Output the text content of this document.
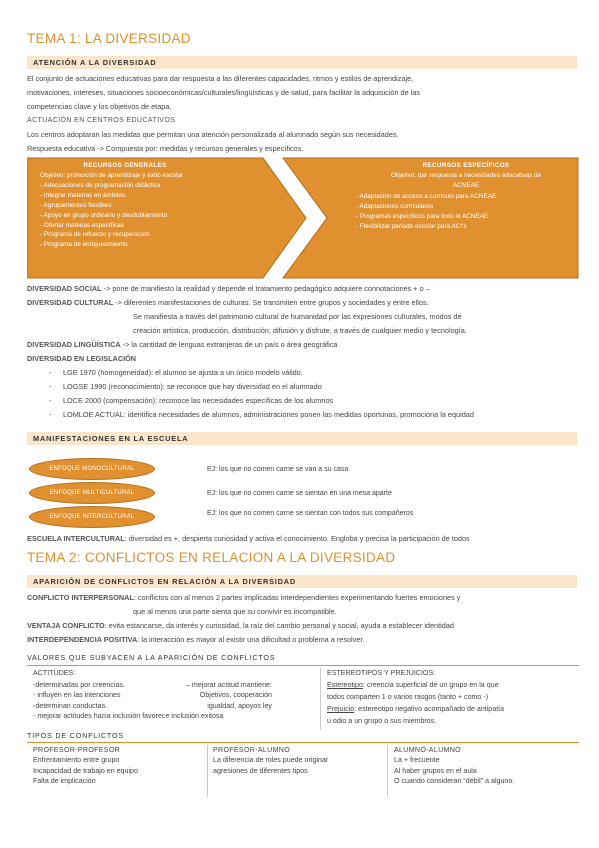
TEMA 1: LA DIVERSIDAD
ATENCIÓN A LA DIVERSIDAD
El conjunto de actuaciones educativas para dar respuesta a las diferentes capacidades, ritmos y estilos de aprendizaje,
motivaciones, intereses, situaciones socioeconómicas/culturales/lingüísticas y de salud, para facilitar la adquisición de las
competencias clave y los objetivos de etapa.
ACTUACIÓN EN CENTROS EDUCATIVOS
Los centros adoptaran las medidas que permitan una atención personalizada al alumnado según sus necesidades.
Respuesta educativa -> Compuesta por: medidas y recursos generales y específicos.
RECURSOS GENERALES
Objetivo: promoción de aprendizaje y éxito escolar
- Adecuaciones de programación didáctica
- Integrar materias en ámbitos
- Agrupamientos flexibles
- Apoyo en grupo ordinario y desdoblamiento
- Ofertar materias específicas
- Programa de refuerzo y recuperación
- Programa de enriquecimiento
RECURSOS ESPECÍFICOS
Objetivo: dar respuesta a necesidades educativas de
ACNEAE
- Adaptación de acceso a currículo para ACNEAE
- Adaptaciones curriculares
- Programas específicos para todo el ACNEAE
- Flexibilizar periodo escolar para ACI's
DIVERSIDAD SOCIAL -> pone de manifiesto la realidad y depende el tratamiento pedagógico adquiere connotaciones + o –
DIVERSIDAD CULTURAL -> diferentes manifestaciones de culturas. Se transmiten entre grupos y sociedades y entre ellos.
Se manifiesta a través del patrimonio cultural de humanidad por las expresiones culturales, modos de
creación artística, producción, distribución, difusión y disfrute, a través de cualquier medio y tecnología.
DIVERSIDAD LINGÜÍSTICA -> la cantidad de lenguas extranjeras de un país o área geográfica
DIVERSIDAD EN LEGISLACIÓN
- LGE 1970 (homogeneidad): el alumno se ajusta a un único modelo válido.
- LOGSE 1990 (reconocimiento): se reconoce que hay diversidad en el alumnado
- LOCE 2000 (compensación): reconoce las necesidades específicas de los alumnos
- LOMLOE ACTUAL: identifica necesidades de alumnos, administraciones ponen las medidas oportunas, promociona la equidad
MANIFESTACIONES EN LA ESCUELA
ENFOQUE MONOCULTURAL
ENFOQUE MULTICULTURAL
ENFOQUE INTERCULTURAL
EJ: los que no comen carne se van a su casa
EJ: los que no comen carne se sientan en una mesa aparte
EJ: los que no comen carne se sientan con todos sus compañeros
ESCUELA INTERCULTURAL: diversidad es +, despierta curiosidad y activa el conocimiento. Engloba y precisa la participación de todos
TEMA 2: CONFLICTOS EN RELACION A LA DIVERSIDAD
APARICIÓN DE CONFLICTOS EN RELACIÓN A LA DIVERSIDAD
CONFLICTO INTERPERSONAL: conflictos con al menos 2 partes implicadas interdependientes experimentando fuertes emociones y
que al menos una parte sienta que su convivir es incompatible.
VENTAJA CONFLICTO: evita estancarse, da interés y curiosidad, la raíz del cambio personal y social, ayuda a establecer identidad
INTERDEPENDENCIA POSITIVA: la interacción es mayor al existir una dificultad o problema a resolver.
VALORES QUE SUBYACEN A LA APARICIÓN DE CONFLICTOS
ACTITUDES:
-determinadas por creencias.
- influyen en las intenciones
-determinan conductas.
- mejorar actitudes hacia inclusión favorece inclusión exitosa
– mejorar actitud mantiene:
Objetivos, cooperación
igualdad, apoyos ley
ESTEREOTIPOS Y PREJUICIOS:
Estereotipo: creencia superficial de un grupo en la que
todos comparten 1 o varios rasgos (tanto + como -)
Prejuicio: estereotipo negativo acompañado de antipatía
u odio a un grupo o sus miembros.
TIPOS DE CONFLICTOS
PROFESOR-PROFESOR
Enfrentamiento entre grupo
Incapacidad de trabajo en equipo
Falta de implicación
PROFESOR-ALUMNO
La diferencia de roles puede originar
agresiones de diferentes tipos
ALUMNO-ALUMNO
La + frecuente
Al haber grupos en el aula
O cuando consideran “débil” a alguno.
